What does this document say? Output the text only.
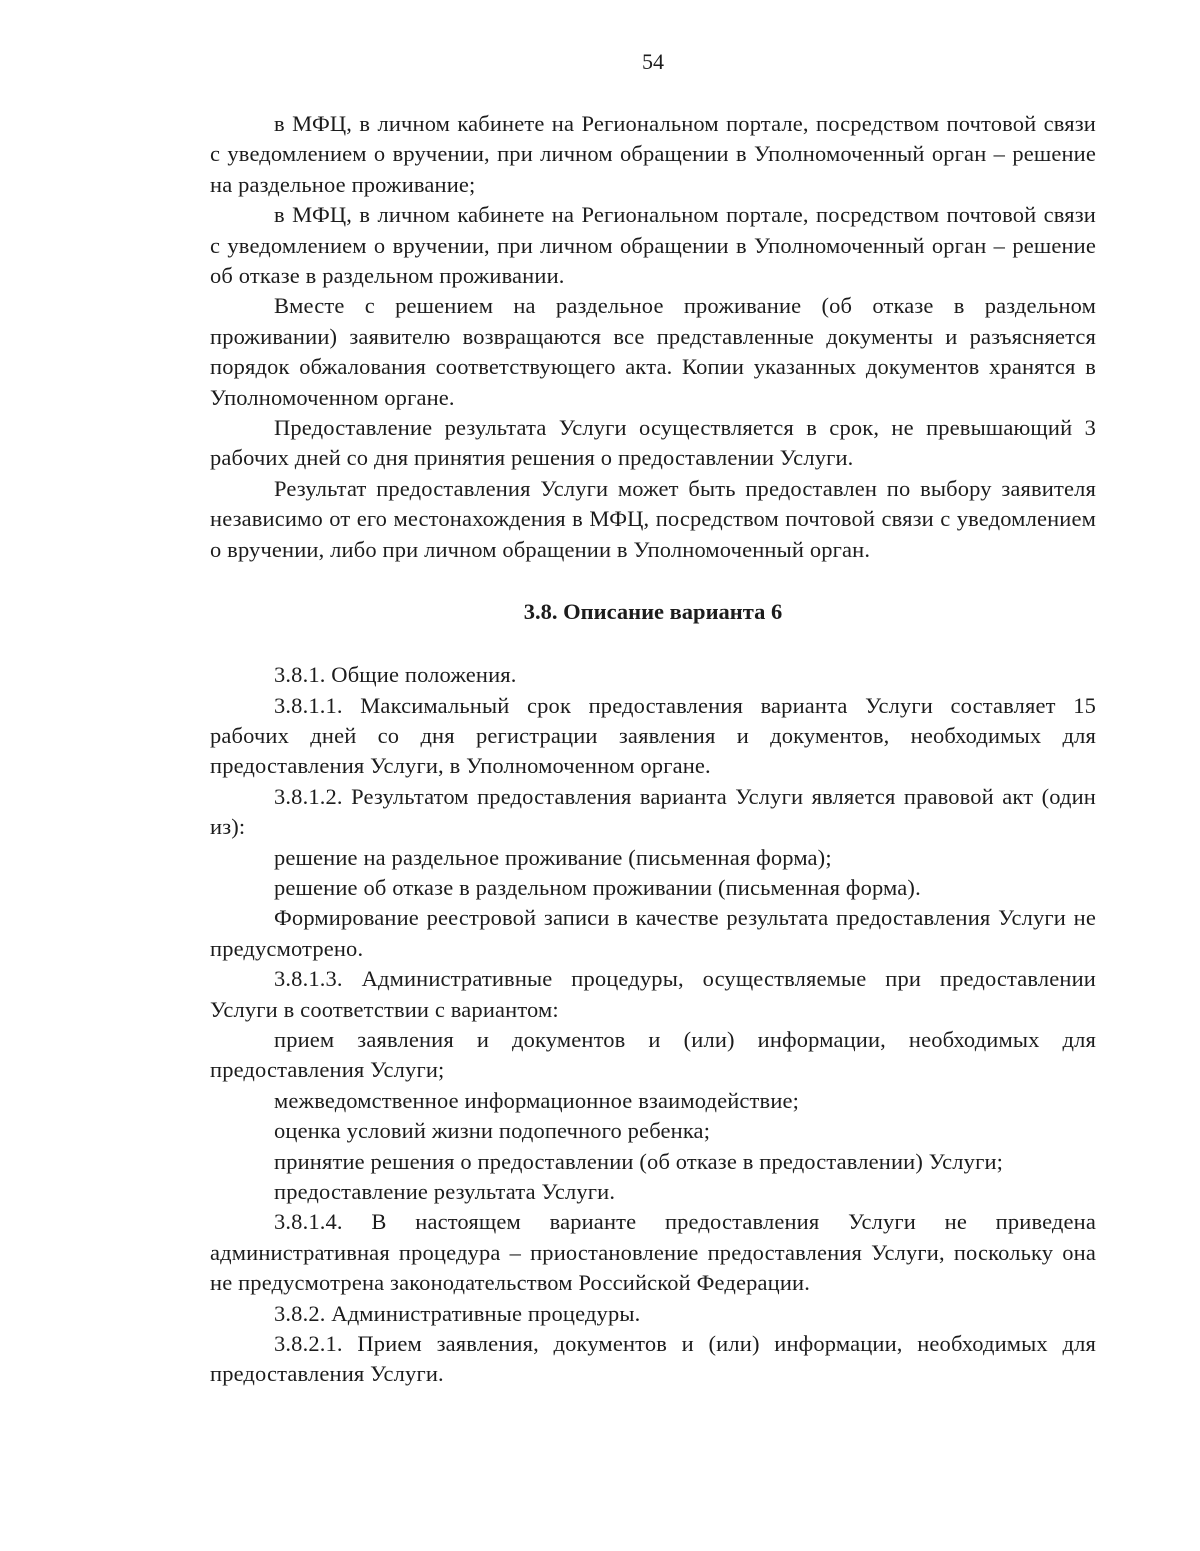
54

в МФЦ, в личном кабинете на Региональном портале, посредством почтовой связи с уведомлением о вручении, при личном обращении в Уполномоченный орган – решение на раздельное проживание;

в МФЦ, в личном кабинете на Региональном портале, посредством почтовой связи с уведомлением о вручении, при личном обращении в Уполномоченный орган – решение об отказе в раздельном проживании.

Вместе с решением на раздельное проживание (об отказе в раздельном проживании) заявителю возвращаются все представленные документы и разъясняется порядок обжалования соответствующего акта. Копии указанных документов хранятся в Уполномоченном органе.

Предоставление результата Услуги осуществляется в срок, не превышающий 3 рабочих дней со дня принятия решения о предоставлении Услуги.

Результат предоставления Услуги может быть предоставлен по выбору заявителя независимо от его местонахождения в МФЦ, посредством почтовой связи с уведомлением о вручении, либо при личном обращении в Уполномоченный орган.

3.8. Описание варианта 6

3.8.1. Общие положения.

3.8.1.1. Максимальный срок предоставления варианта Услуги составляет 15 рабочих дней со дня регистрации заявления и документов, необходимых для предоставления Услуги, в Уполномоченном органе.

3.8.1.2. Результатом предоставления варианта Услуги является правовой акт (один из):

решение на раздельное проживание (письменная форма);

решение об отказе в раздельном проживании (письменная форма).

Формирование реестровой записи в качестве результата предоставления Услуги не предусмотрено.

3.8.1.3. Административные процедуры, осуществляемые при предоставлении Услуги в соответствии с вариантом:

прием заявления и документов и (или) информации, необходимых для предоставления Услуги;

межведомственное информационное взаимодействие;

оценка условий жизни подопечного ребенка;

принятие решения о предоставлении (об отказе в предоставлении) Услуги;

предоставление результата Услуги.

3.8.1.4. В настоящем варианте предоставления Услуги не приведена административная процедура – приостановление предоставления Услуги, поскольку она не предусмотрена законодательством Российской Федерации.

3.8.2. Административные процедуры.

3.8.2.1. Прием заявления, документов и (или) информации, необходимых для предоставления Услуги.
